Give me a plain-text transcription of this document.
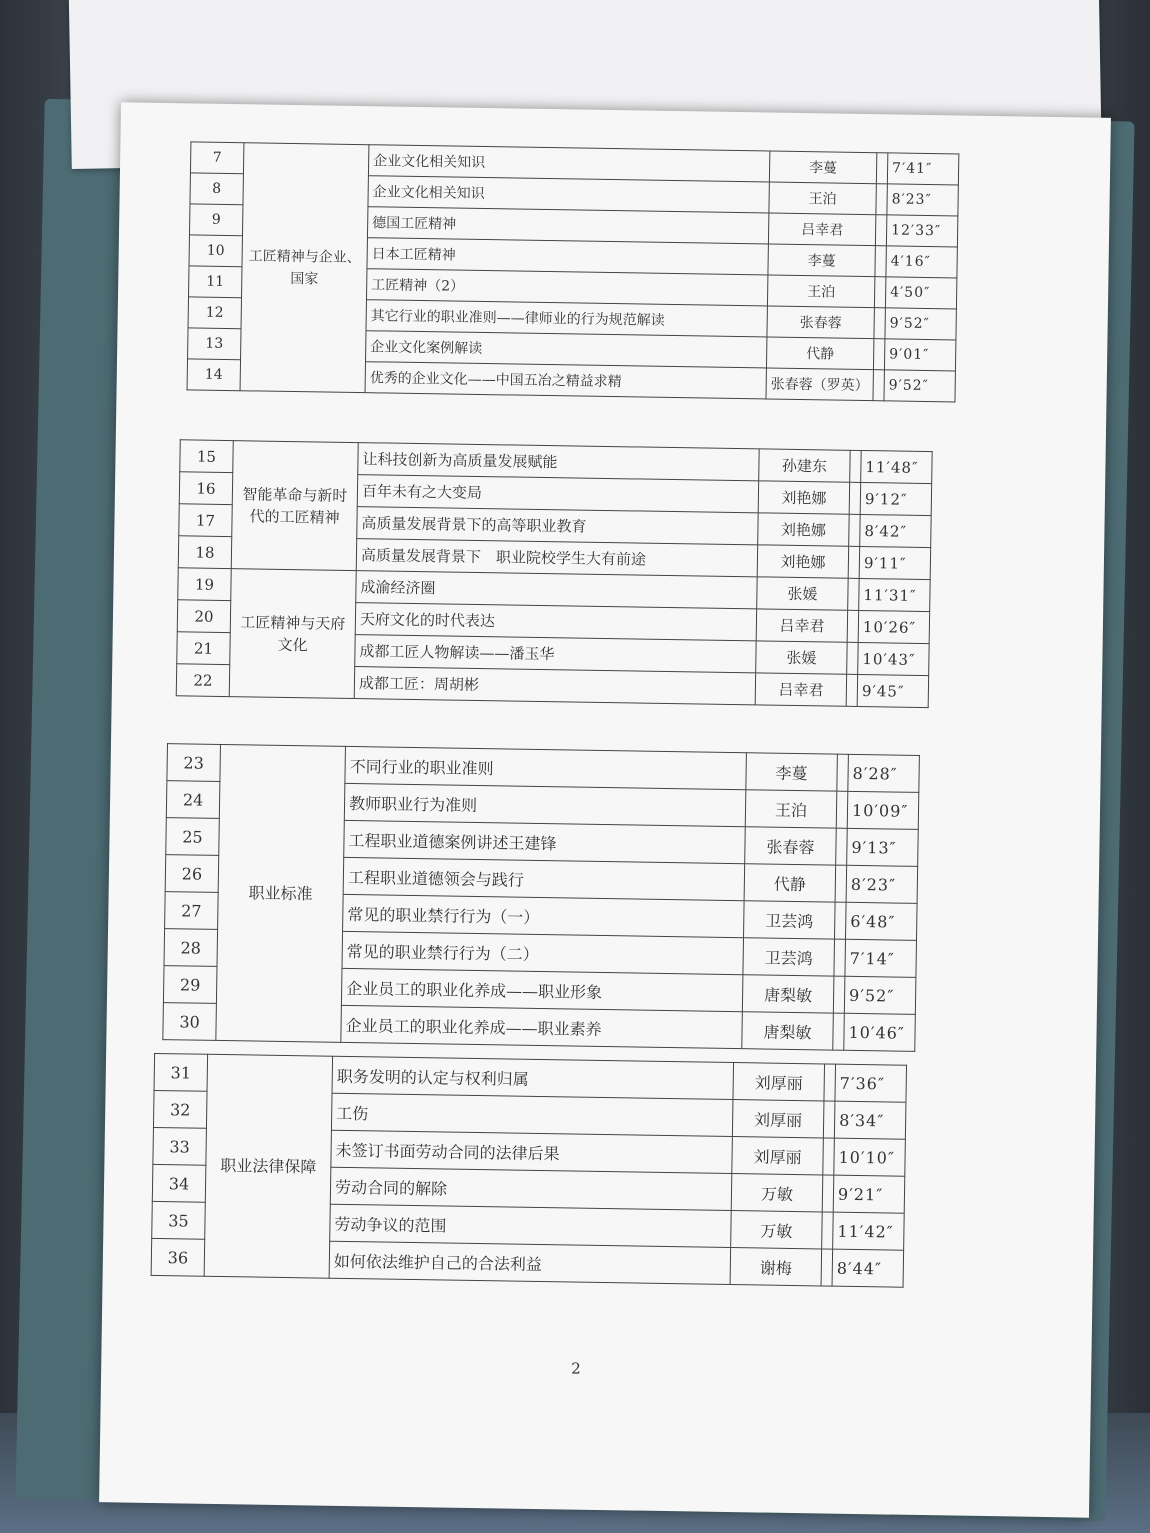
7	工匠精神与企业、国家	企业文化相关知识	李蔓		7′41″
8		企业文化相关知识	王泊		8′23″
9		德国工匠精神	吕幸君		12′33″
10		日本工匠精神	李蔓		4′16″
11		工匠精神（2）	王泊		4′50″
12		其它行业的职业准则——律师业的行为规范解读	张春蓉		9′52″
13		企业文化案例解读	代静		9′01″
14		优秀的企业文化——中国五冶之精益求精	张春蓉（罗英）		9′52″
15	智能革命与新时代的工匠精神	让科技创新为高质量发展赋能	孙建东		11′48″
16		百年未有之大变局	刘艳娜		9′12″
17		高质量发展背景下的高等职业教育	刘艳娜		8′42″
18		高质量发展背景下　职业院校学生大有前途	刘艳娜		9′11″
19	工匠精神与天府文化	成渝经济圈	张媛		11′31″
20		天府文化的时代表达	吕幸君		10′26″
21		成都工匠人物解读——潘玉华	张媛		10′43″
22		成都工匠：周胡彬	吕幸君		9′45″
23	职业标准	不同行业的职业准则	李蔓		8′28″
24		教师职业行为准则	王泊		10′09″
25		工程职业道德案例讲述王建锋	张春蓉		9′13″
26		工程职业道德领会与践行	代静		8′23″
27		常见的职业禁行行为（一）	卫芸鸿		6′48″
28		常见的职业禁行行为（二）	卫芸鸿		7′14″
29		企业员工的职业化养成——职业形象	唐梨敏		9′52″
30		企业员工的职业化养成——职业素养	唐梨敏		10′46″
31	职业法律保障	职务发明的认定与权利归属	刘厚丽		7′36″
32		工伤	刘厚丽		8′34″
33		未签订书面劳动合同的法律后果	刘厚丽		10′10″
34		劳动合同的解除	万敏		9′21″
35		劳动争议的范围	万敏		11′42″
36		如何依法维护自己的合法利益	谢梅		8′44″
2
